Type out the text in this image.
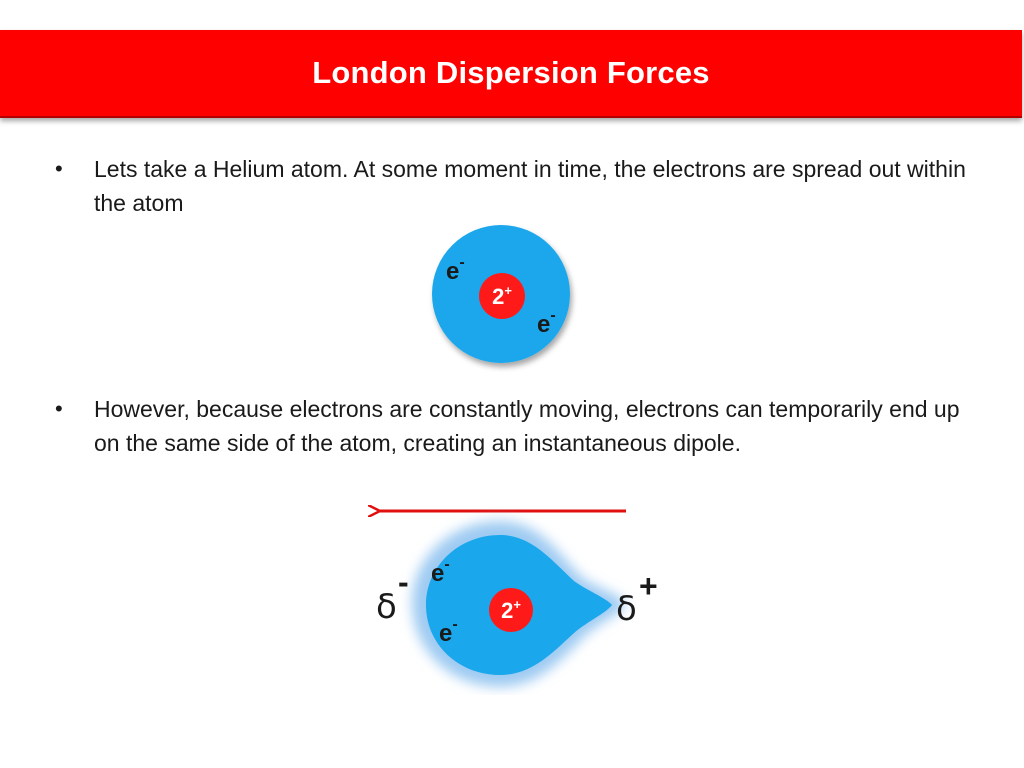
London Dispersion Forces
• Lets take a Helium atom. At some moment in time, the electrons are spread out within the atom
2+
e-
e-
• However, because electrons are constantly moving, electrons can temporarily end up on the same side of the atom, creating an instantaneous dipole.
2+
e-
e-
δ
-
δ
+
